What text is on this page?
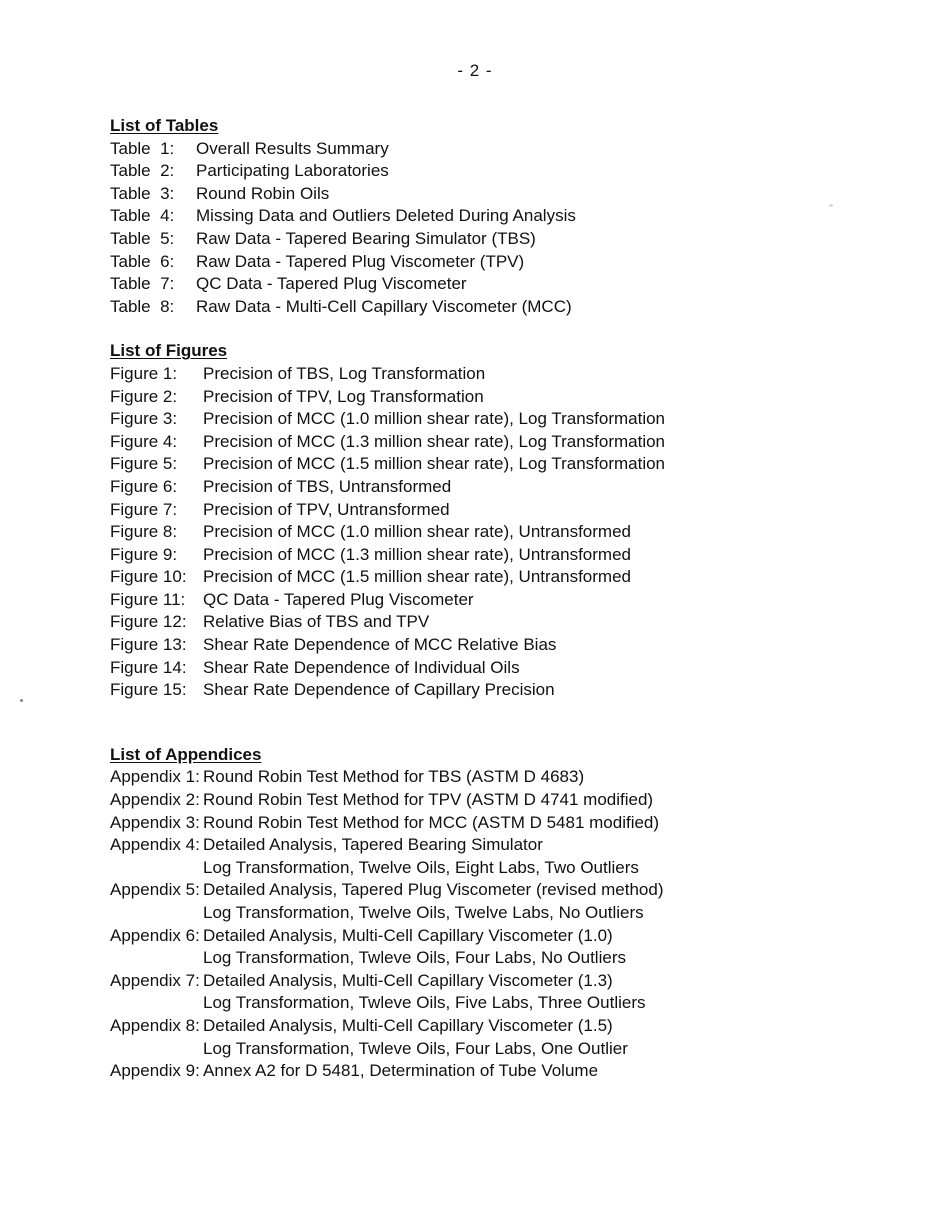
- 2 -
List of Tables
Table  1:	Overall Results Summary
Table  2:	Participating Laboratories
Table  3:	Round Robin Oils
Table  4:	Missing Data and Outliers Deleted During Analysis
Table  5:	Raw Data - Tapered Bearing Simulator (TBS)
Table  6:	Raw Data - Tapered Plug Viscometer (TPV)
Table  7:	QC Data - Tapered Plug Viscometer
Table  8:	Raw Data - Multi-Cell Capillary Viscometer (MCC)
List of Figures
Figure 1:	Precision of TBS, Log Transformation
Figure 2:	Precision of TPV, Log Transformation
Figure 3:	Precision of MCC (1.0 million shear rate), Log Transformation
Figure 4:	Precision of MCC (1.3 million shear rate), Log Transformation
Figure 5:	Precision of MCC (1.5 million shear rate), Log Transformation
Figure 6:	Precision of TBS, Untransformed
Figure 7:	Precision of TPV, Untransformed
Figure 8:	Precision of MCC (1.0 million shear rate), Untransformed
Figure 9:	Precision of MCC (1.3 million shear rate), Untransformed
Figure 10: Precision of MCC (1.5 million shear rate), Untransformed
Figure 11:	QC Data - Tapered Plug Viscometer
Figure 12: Relative Bias of TBS and TPV
Figure 13: Shear Rate Dependence of MCC Relative Bias
Figure 14: Shear Rate Dependence of Individual Oils
Figure 15: Shear Rate Dependence of Capillary Precision
List of Appendices
Appendix 1: Round Robin Test Method for TBS (ASTM D 4683)
Appendix 2: Round Robin Test Method for TPV (ASTM D 4741 modified)
Appendix 3: Round Robin Test Method for MCC (ASTM D 5481 modified)
Appendix 4: Detailed Analysis, Tapered Bearing Simulator
Log Transformation, Twelve Oils, Eight Labs, Two Outliers
Appendix 5: Detailed Analysis, Tapered Plug Viscometer (revised method)
Log Transformation, Twelve Oils, Twelve Labs, No Outliers
Appendix 6: Detailed Analysis, Multi-Cell Capillary Viscometer (1.0)
Log Transformation, Twleve Oils, Four Labs, No Outliers
Appendix 7: Detailed Analysis, Multi-Cell Capillary Viscometer (1.3)
Log Transformation, Twleve Oils, Five Labs, Three Outliers
Appendix 8: Detailed Analysis, Multi-Cell Capillary Viscometer (1.5)
Log Transformation, Twleve Oils, Four Labs, One Outlier
Appendix 9: Annex A2 for D 5481, Determination of Tube Volume
